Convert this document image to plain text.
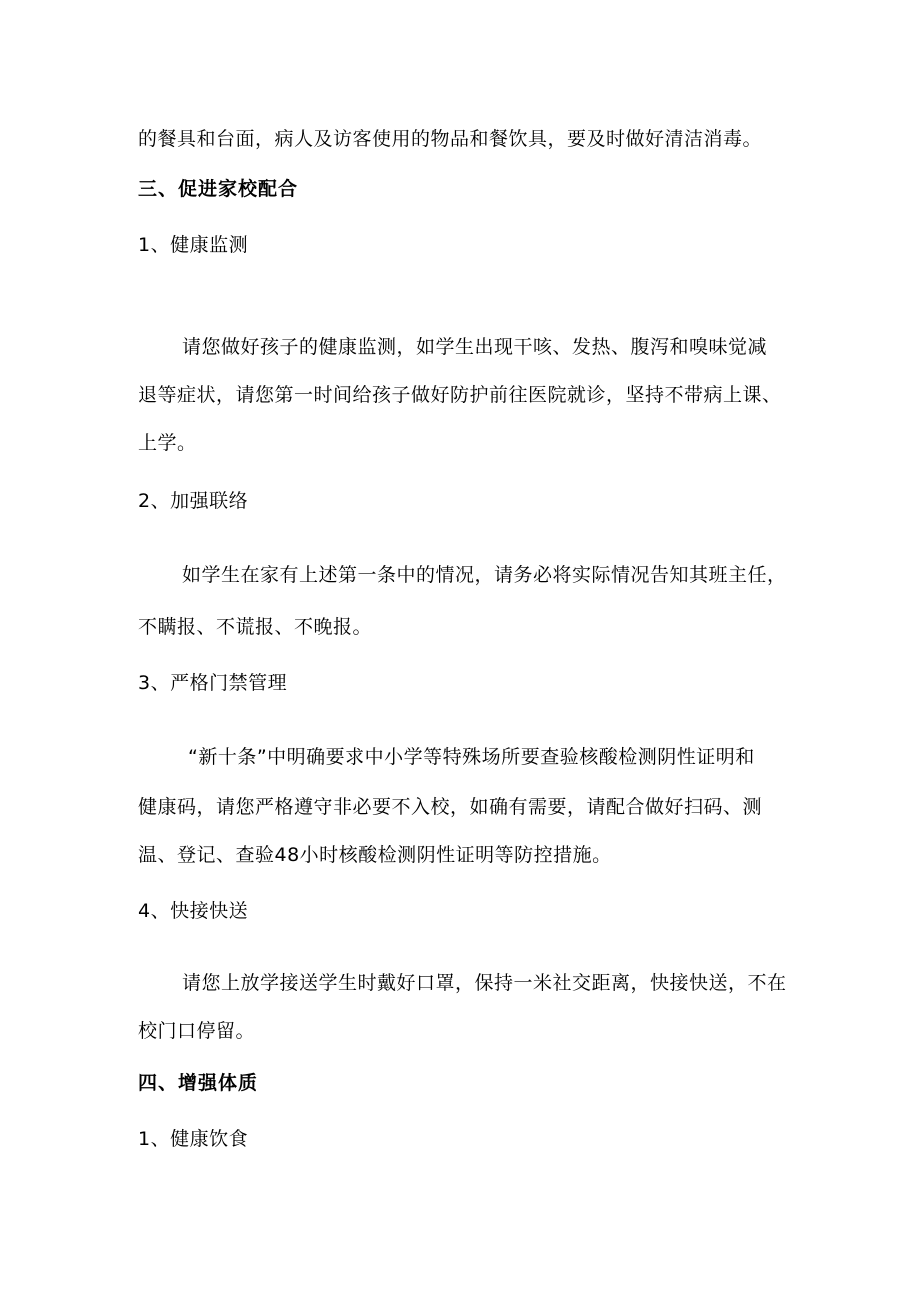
的餐具和台面，病人及访客使用的物品和餐饮具，要及时做好清洁消毒。
三、促进家校配合
1、健康监测
请您做好孩子的健康监测，如学生出现干咳、发热、腹泻和嗅味觉减
退等症状，请您第一时间给孩子做好防护前往医院就诊，坚持不带病上课、
上学。
2、加强联络
如学生在家有上述第一条中的情况，请务必将实际情况告知其班主任，
不瞒报、不谎报、不晚报。
3、严格门禁管理
“新十条”中明确要求中小学等特殊场所要查验核酸检测阴性证明和
健康码，请您严格遵守非必要不入校，如确有需要，请配合做好扫码、测
温、登记、查验48小时核酸检测阴性证明等防控措施。
4、快接快送
请您上放学接送学生时戴好口罩，保持一米社交距离，快接快送，不在
校门口停留。
四、增强体质
1、健康饮食
